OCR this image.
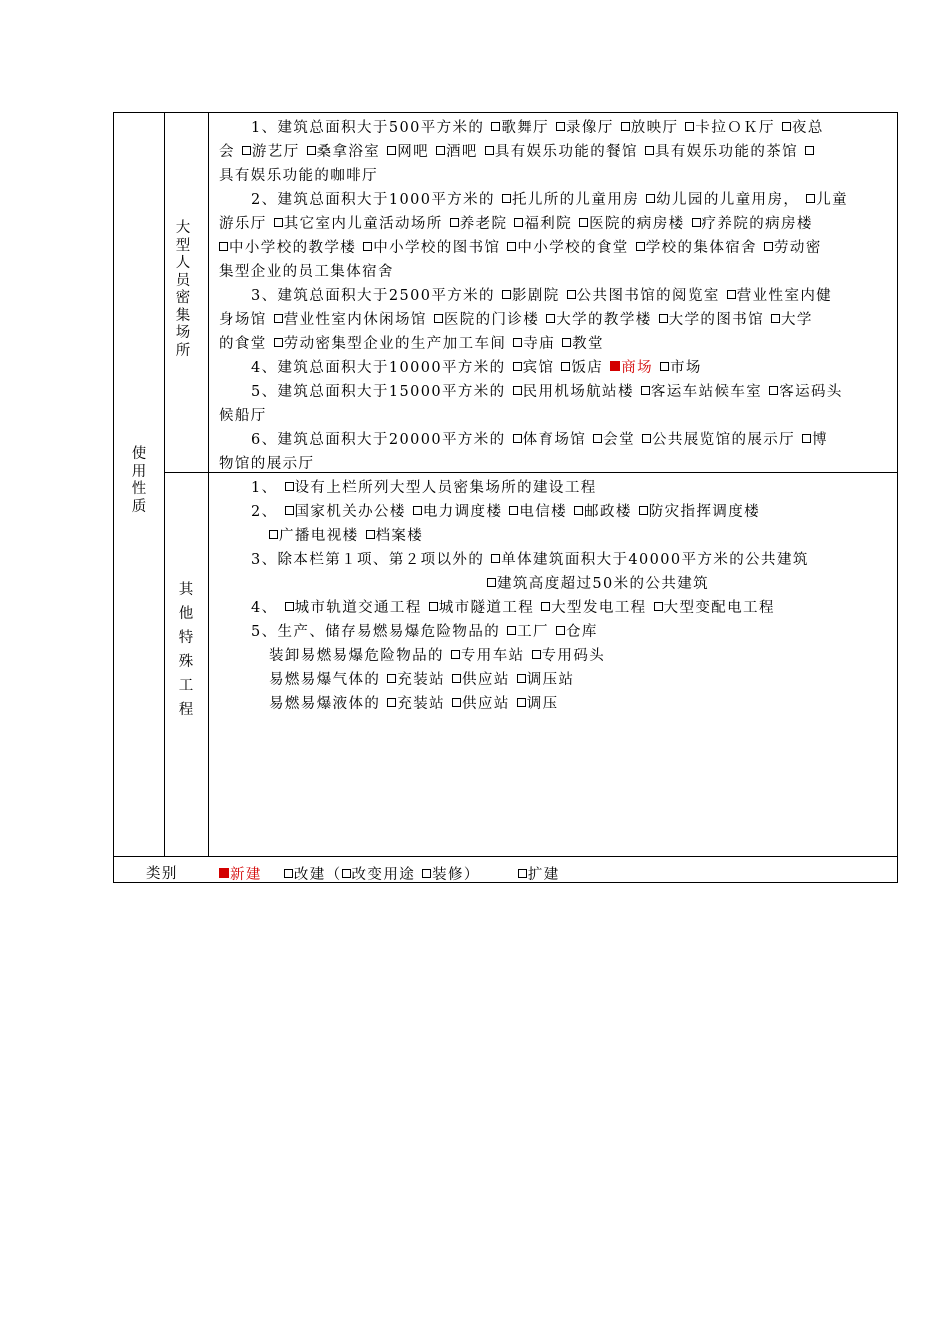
使
用
性
质
大
型
人
员
密
集
场
所
其
他
特
殊
工
程
类别
1、建筑总面积大于500平方米的 歌舞厅 录像厅 放映厅 卡拉ＯＫ厅 夜总
会 游艺厅 桑拿浴室 网吧 酒吧 具有娱乐功能的餐馆 具有娱乐功能的茶馆
具有娱乐功能的咖啡厅
2、建筑总面积大于1000平方米的 托儿所的儿童用房 幼儿园的儿童用房， 儿童
游乐厅 其它室内儿童活动场所 养老院 福利院 医院的病房楼 疗养院的病房楼
中小学校的教学楼 中小学校的图书馆 中小学校的食堂 学校的集体宿舍 劳动密
集型企业的员工集体宿舍
3、建筑总面积大于2500平方米的 影剧院 公共图书馆的阅览室 营业性室内健
身场馆 营业性室内休闲场馆 医院的门诊楼 大学的教学楼 大学的图书馆 大学
的食堂 劳动密集型企业的生产加工车间 寺庙 教堂
4、建筑总面积大于10000平方米的 宾馆 饭店 商场 市场
5、建筑总面积大于15000平方米的 民用机场航站楼 客运车站候车室 客运码头
候船厅
6、建筑总面积大于20000平方米的 体育场馆 会堂 公共展览馆的展示厅 博
物馆的展示厅
1、 设有上栏所列大型人员密集场所的建设工程
2、 国家机关办公楼 电力调度楼 电信楼 邮政楼 防灾指挥调度楼
广播电视楼 档案楼
3、除本栏第１项、第２项以外的 单体建筑面积大于40000平方米的公共建筑
建筑高度超过50米的公共建筑
4、 城市轨道交通工程 城市隧道工程 大型发电工程 大型变配电工程
5、生产、储存易燃易爆危险物品的 工厂 仓库
装卸易燃易爆危险物品的 专用车站 专用码头
易燃易爆气体的 充装站 供应站 调压站
易燃易爆液体的 充装站 供应站 调压
新建 改建（ 改变用途 装修）	扩建
